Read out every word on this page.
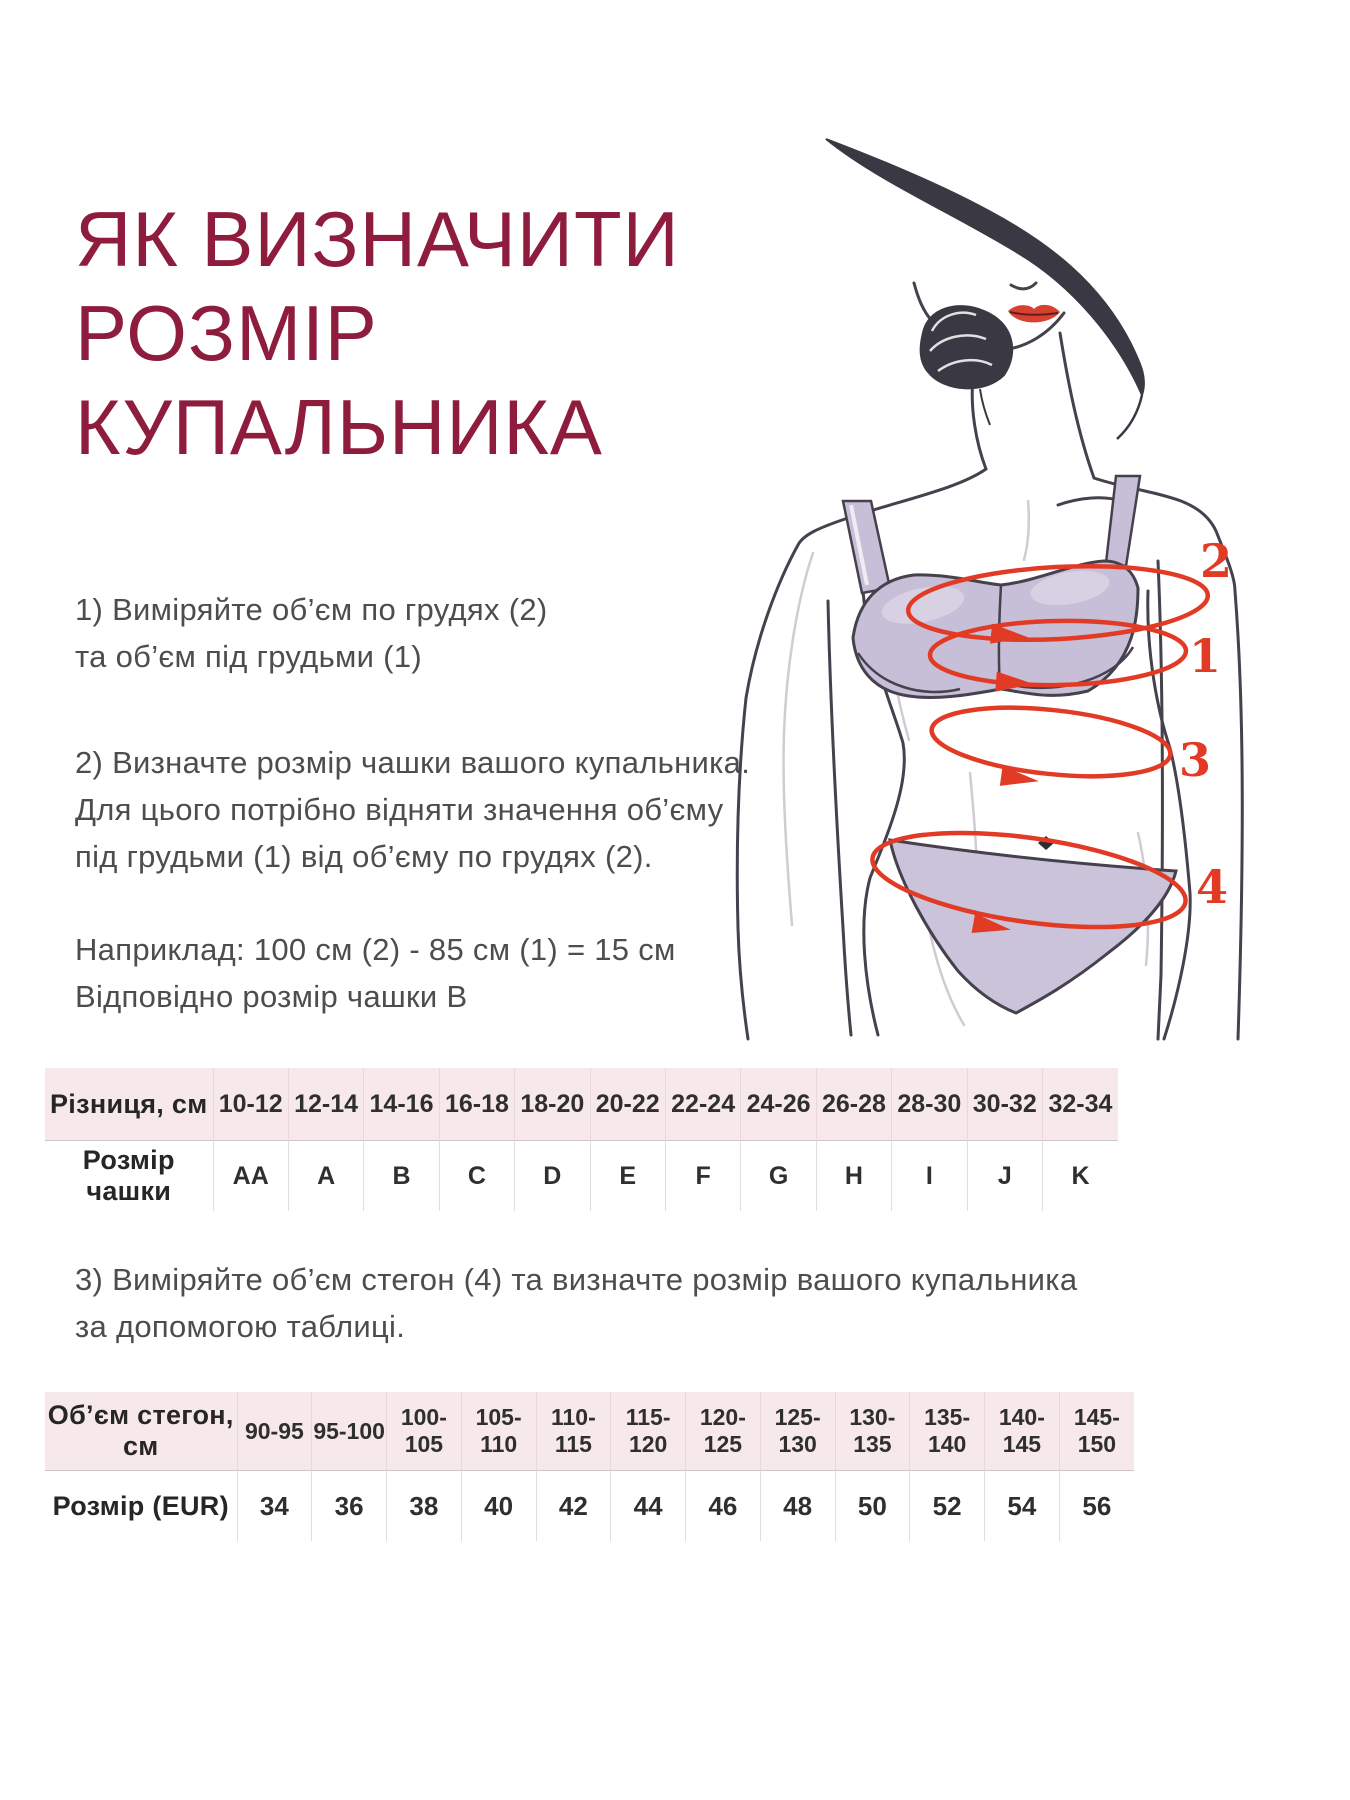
ЯК ВИЗНАЧИТИ
РОЗМІР
КУПАЛЬНИКА
1) Виміряйте об’єм по грудях (2)
та об’єм під грудьми (1)
2) Визначте розмір чашки вашого купальника.
Для цього потрібно відняти значення об’єму
під грудьми (1) від об’єму по грудях (2).
Наприклад: 100 см (2) - 85 см (1) = 15 см
Відповідно розмір чашки B
2
1
3
4
Різниця, см	10-12	12-14	14-16	16-18	18-20	20-22	22-24	24-26	26-28	28-30	30-32	32-34
Розмір чашки	AA	A	B	C	D	E	F	G	H	I	J	K
3) Виміряйте об’єм стегон (4) та визначте розмір вашого купальника
за допомогою таблиці.
Об’єм стегон, см	90-95	95-100	100-105	105-110	110-115	115-120	120-125	125-130	130-135	135-140	140-145	145-150
Розмір (EUR)	34	36	38	40	42	44	46	48	50	52	54	56
